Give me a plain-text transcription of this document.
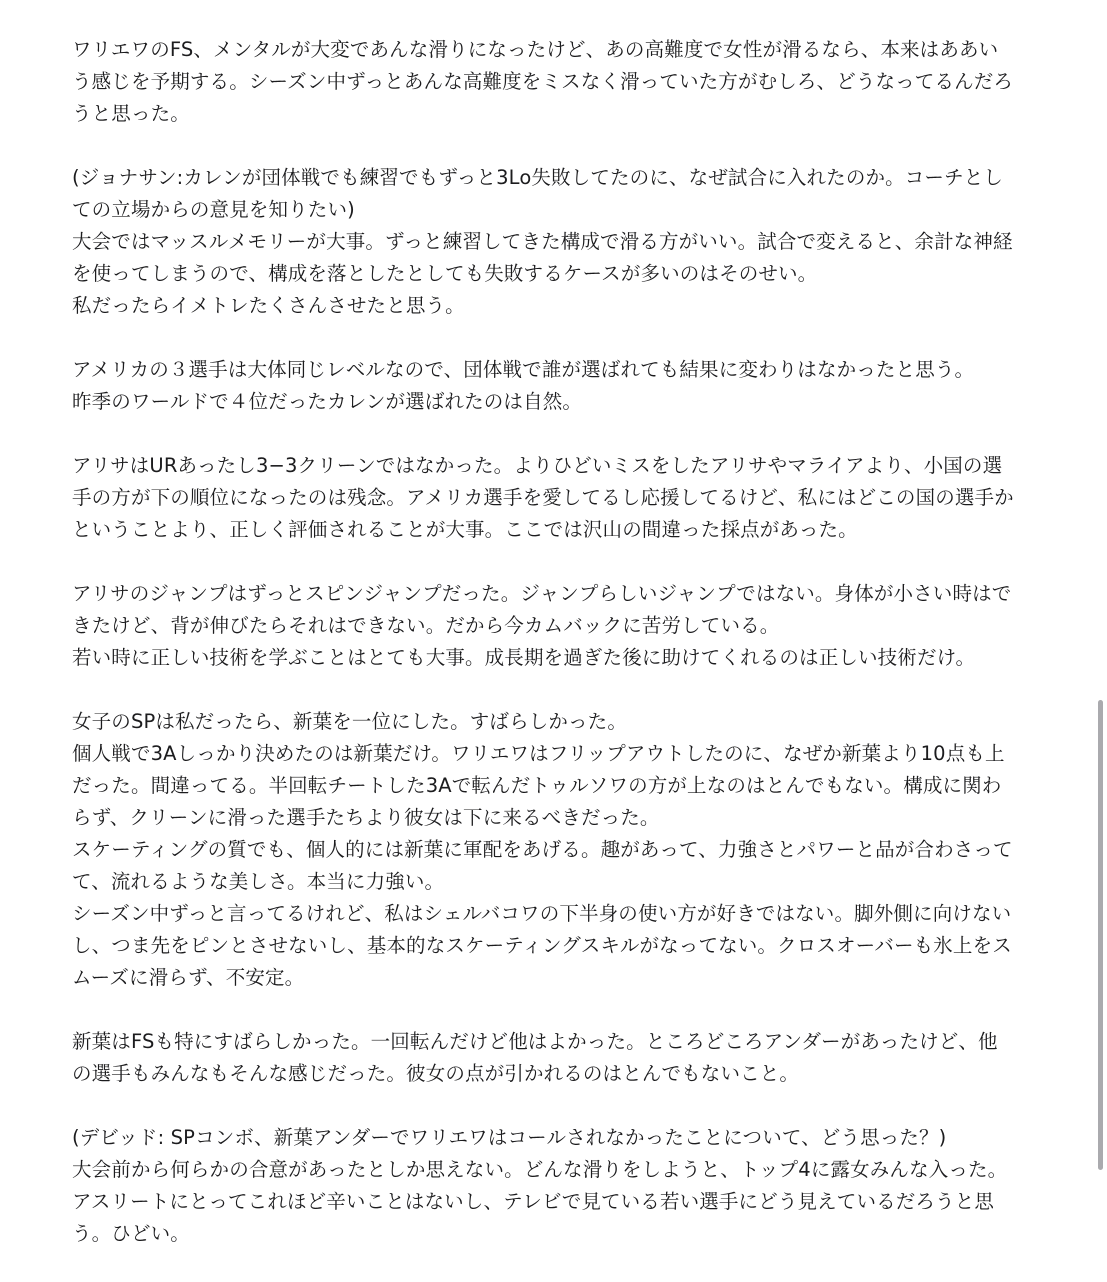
ワリエワのFS、メンタルが大変であんな滑りになったけど、あの高難度で女性が滑るなら、本来はああい
う感じを予期する。シーズン中ずっとあんな高難度をミスなく滑っていた方がむしろ、どうなってるんだろ
うと思った。
(ジョナサン:カレンが団体戦でも練習でもずっと3Lo失敗してたのに、なぜ試合に入れたのか。コーチとし
ての立場からの意見を知りたい)
大会ではマッスルメモリーが大事。ずっと練習してきた構成で滑る方がいい。試合で変えると、余計な神経
を使ってしまうので、構成を落としたとしても失敗するケースが多いのはそのせい。
私だったらイメトレたくさんさせたと思う。
アメリカの３選手は大体同じレベルなので、団体戦で誰が選ばれても結果に変わりはなかったと思う。
昨季のワールドで４位だったカレンが選ばれたのは自然。
アリサはURあったし3−3クリーンではなかった。よりひどいミスをしたアリサやマライアより、小国の選
手の方が下の順位になったのは残念。アメリカ選手を愛してるし応援してるけど、私にはどこの国の選手か
ということより、正しく評価されることが大事。ここでは沢山の間違った採点があった。
アリサのジャンプはずっとスピンジャンプだった。ジャンプらしいジャンプではない。身体が小さい時はで
きたけど、背が伸びたらそれはできない。だから今カムバックに苦労している。
若い時に正しい技術を学ぶことはとても大事。成長期を過ぎた後に助けてくれるのは正しい技術だけ。
女子のSPは私だったら、新葉を一位にした。すばらしかった。
個人戦で3Aしっかり決めたのは新葉だけ。ワリエワはフリップアウトしたのに、なぜか新葉より10点も上
だった。間違ってる。半回転チートした3Aで転んだトゥルソワの方が上なのはとんでもない。構成に関わ
らず、クリーンに滑った選手たちより彼女は下に来るべきだった。
スケーティングの質でも、個人的には新葉に軍配をあげる。趣があって、力強さとパワーと品が合わさって
て、流れるような美しさ。本当に力強い。
シーズン中ずっと言ってるけれど、私はシェルバコワの下半身の使い方が好きではない。脚外側に向けない
し、つま先をピンとさせないし、基本的なスケーティングスキルがなってない。クロスオーバーも氷上をス
ムーズに滑らず、不安定。
新葉はFSも特にすばらしかった。一回転んだけど他はよかった。ところどころアンダーがあったけど、他
の選手もみんなもそんな感じだった。彼女の点が引かれるのはとんでもないこと。
(デビッド: SPコンボ、新葉アンダーでワリエワはコールされなかったことについて、どう思った？)
大会前から何らかの合意があったとしか思えない。どんな滑りをしようと、トップ4に露女みんな入った。
アスリートにとってこれほど辛いことはないし、テレビで見ている若い選手にどう見えているだろうと思
う。ひどい。
